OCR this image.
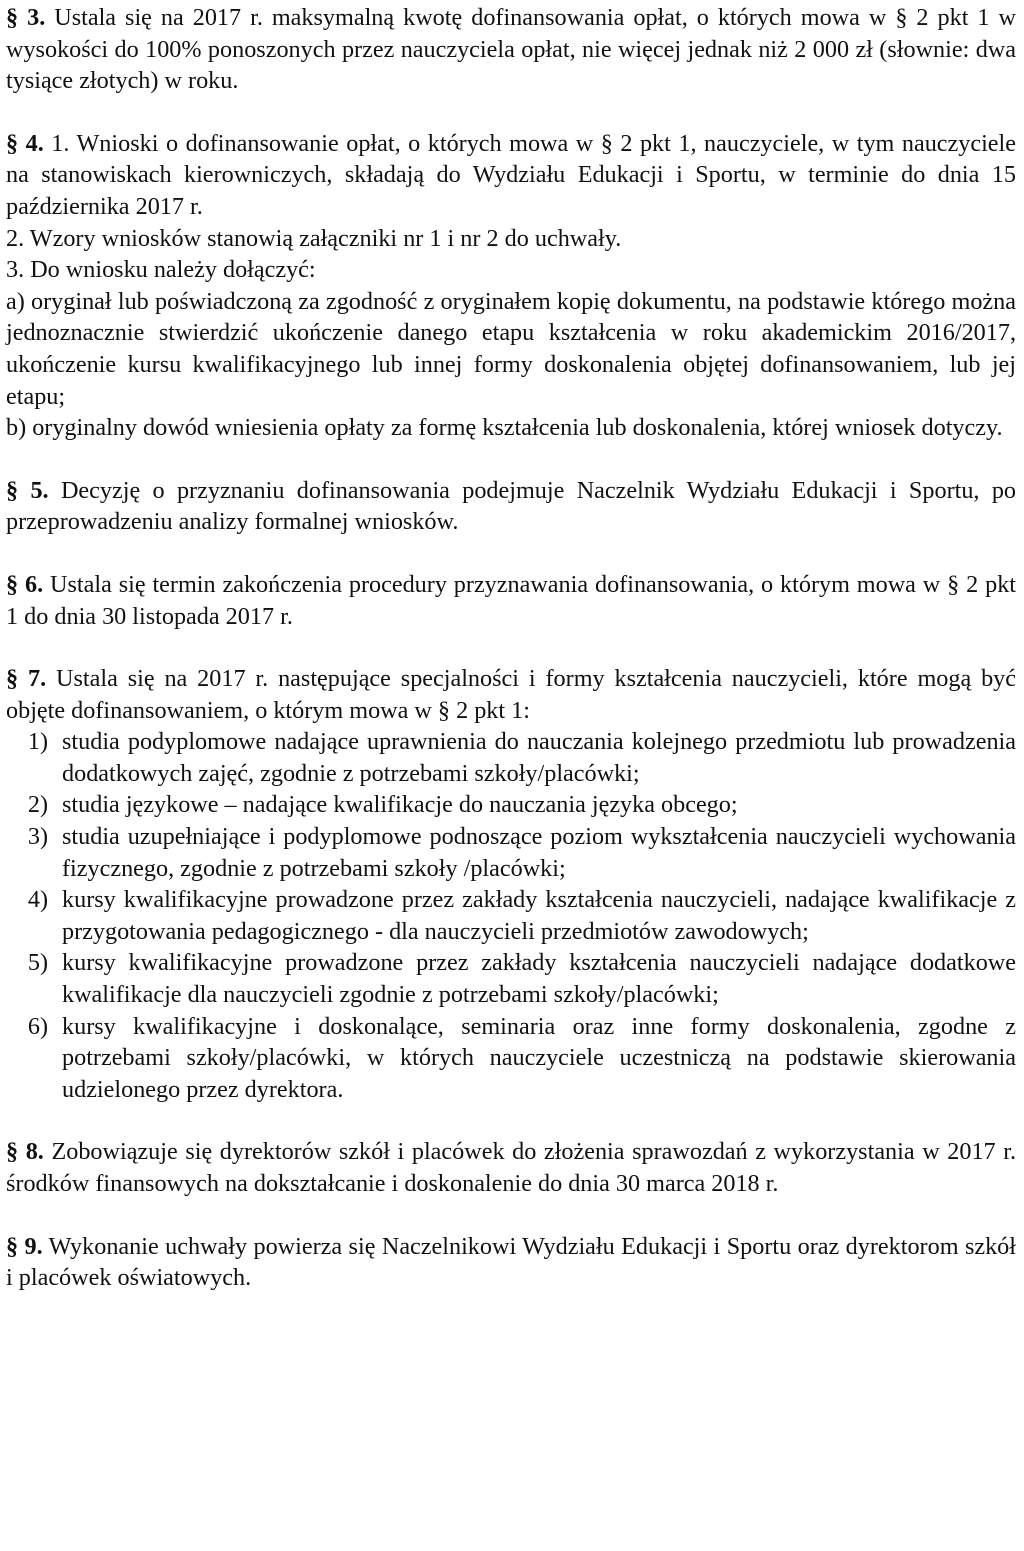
§ 3. Ustala się na 2017 r. maksymalną kwotę dofinansowania opłat, o których mowa w § 2 pkt 1 w wysokości do 100% ponoszonych przez nauczyciela opłat, nie więcej jednak niż 2 000 zł (słownie: dwa tysiące złotych) w roku.

§ 4. 1. Wnioski o dofinansowanie opłat, o których mowa w § 2 pkt 1, nauczyciele, w tym nauczyciele na stanowiskach kierowniczych, składają do Wydziału Edukacji i Sportu, w terminie do dnia 15 października 2017 r.

2. Wzory wniosków stanowią załączniki nr 1 i nr 2 do uchwały.

3. Do wniosku należy dołączyć:

a) oryginał lub poświadczoną za zgodność z oryginałem kopię dokumentu, na podstawie którego można jednoznacznie stwierdzić ukończenie danego etapu kształcenia w roku akademickim 2016/2017, ukończenie kursu kwalifikacyjnego lub innej formy doskonalenia objętej dofinansowaniem, lub jej etapu;

b) oryginalny dowód wniesienia opłaty za formę kształcenia lub doskonalenia, której wniosek dotyczy.

§ 5. Decyzję o przyznaniu dofinansowania podejmuje Naczelnik Wydziału Edukacji i Sportu, po przeprowadzeniu analizy formalnej wniosków.

§ 6. Ustala się termin zakończenia procedury przyznawania dofinansowania, o którym mowa w § 2 pkt 1 do dnia 30 listopada 2017 r.

§ 7. Ustala się na 2017 r. następujące specjalności i formy kształcenia nauczycieli, które mogą być objęte dofinansowaniem, o którym mowa w § 2 pkt 1:

1) studia podyplomowe nadające uprawnienia do nauczania kolejnego przedmiotu lub prowadzenia dodatkowych zajęć, zgodnie z potrzebami szkoły/placówki;
2) studia językowe – nadające kwalifikacje do nauczania języka obcego;
3) studia uzupełniające i podyplomowe podnoszące poziom wykształcenia nauczycieli wychowania fizycznego, zgodnie z potrzebami szkoły /placówki;
4) kursy kwalifikacyjne prowadzone przez zakłady kształcenia nauczycieli, nadające kwalifikacje z przygotowania pedagogicznego - dla nauczycieli przedmiotów zawodowych;
5) kursy kwalifikacyjne prowadzone przez zakłady kształcenia nauczycieli nadające dodatkowe kwalifikacje dla nauczycieli zgodnie z potrzebami szkoły/placówki;
6) kursy kwalifikacyjne i doskonalące, seminaria oraz inne formy doskonalenia, zgodne z potrzebami szkoły/placówki, w których nauczyciele uczestniczą na podstawie skierowania udzielonego przez dyrektora.

§ 8. Zobowiązuje się dyrektorów szkół i placówek do złożenia sprawozdań z wykorzystania w 2017 r. środków finansowych na dokształcanie i doskonalenie do dnia 30 marca 2018 r.

§ 9. Wykonanie uchwały powierza się Naczelnikowi Wydziału Edukacji i Sportu oraz dyrektorom szkół i placówek oświatowych.
